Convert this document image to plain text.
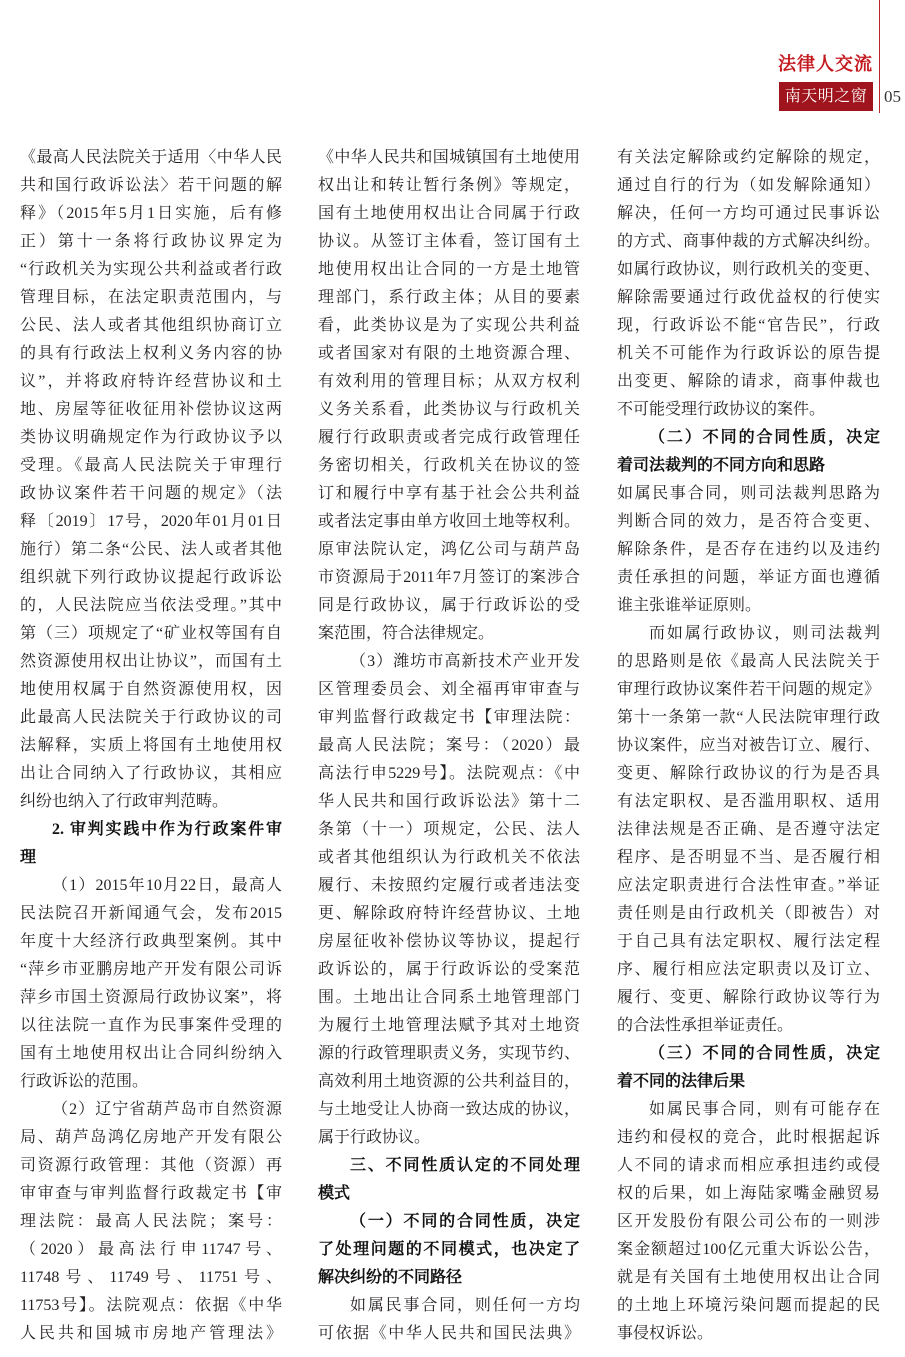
法律人交流
南天明之窗 05
《最高人民法院关于适用〈中华人民
共和国行政诉讼法〉若干问题的解
释》（2015年5月1日实施，后有修
正）第十一条将行政协议界定为
“行政机关为实现公共利益或者行政
管理目标，在法定职责范围内，与
公民、法人或者其他组织协商订立
的具有行政法上权利义务内容的协
议”，并将政府特许经营协议和土
地、房屋等征收征用补偿协议这两
类协议明确规定作为行政协议予以
受理。《最高人民法院关于审理行
政协议案件若干问题的规定》（法
释〔2019〕17号，2020年01月01日
施行）第二条“公民、法人或者其他
组织就下列行政协议提起行政诉讼
的，人民法院应当依法受理。”其中
第（三）项规定了“矿业权等国有自
然资源使用权出让协议”，而国有土
地使用权属于自然资源使用权，因
此最高人民法院关于行政协议的司
法解释，实质上将国有土地使用权
出让合同纳入了行政协议，其相应
纠纷也纳入了行政审判范畴。
2. 审判实践中作为行政案件审
理
（1）2015年10月22日，最高人
民法院召开新闻通气会，发布2015
年度十大经济行政典型案例。其中
“萍乡市亚鹏房地产开发有限公司诉
萍乡市国土资源局行政协议案”，将
以往法院一直作为民事案件受理的
国有土地使用权出让合同纠纷纳入
行政诉讼的范围。
（2）辽宁省葫芦岛市自然资源
局、葫芦岛鸿亿房地产开发有限公
司资源行政管理：其他（资源）再
审审查与审判监督行政裁定书【审
理法院：最高人民法院；案号：
（2020）最高法行申11747号、
11748号、11749号、11751号、
11753号】。法院观点：依据《中华
人民共和国城市房地产管理法》
《中华人民共和国城镇国有土地使用
权出让和转让暂行条例》等规定，
国有土地使用权出让合同属于行政
协议。从签订主体看，签订国有土
地使用权出让合同的一方是土地管
理部门，系行政主体；从目的要素
看，此类协议是为了实现公共利益
或者国家对有限的土地资源合理、
有效利用的管理目标；从双方权利
义务关系看，此类协议与行政机关
履行行政职责或者完成行政管理任
务密切相关，行政机关在协议的签
订和履行中享有基于社会公共利益
或者法定事由单方收回土地等权利。
原审法院认定，鸿亿公司与葫芦岛
市资源局于2011年7月签订的案涉合
同是行政协议，属于行政诉讼的受
案范围，符合法律规定。
（3）潍坊市高新技术产业开发
区管理委员会、刘全福再审审查与
审判监督行政裁定书【审理法院：
最高人民法院；案号：（2020）最
高法行申5229号】。法院观点：《中
华人民共和国行政诉讼法》第十二
条第（十一）项规定，公民、法人
或者其他组织认为行政机关不依法
履行、未按照约定履行或者违法变
更、解除政府特许经营协议、土地
房屋征收补偿协议等协议，提起行
政诉讼的，属于行政诉讼的受案范
围。土地出让合同系土地管理部门
为履行土地管理法赋予其对土地资
源的行政管理职责义务，实现节约、
高效利用土地资源的公共利益目的，
与土地受让人协商一致达成的协议，
属于行政协议。
三、不同性质认定的不同处理
模式
（一）不同的合同性质，决定
了处理问题的不同模式，也决定了
解决纠纷的不同路径
如属民事合同，则任何一方均
可依据《中华人民共和国民法典》
有关法定解除或约定解除的规定，
通过自行的行为（如发解除通知）
解决，任何一方均可通过民事诉讼
的方式、商事仲裁的方式解决纠纷。
如属行政协议，则行政机关的变更、
解除需要通过行政优益权的行使实
现，行政诉讼不能“官告民”，行政
机关不可能作为行政诉讼的原告提
出变更、解除的请求，商事仲裁也
不可能受理行政协议的案件。
（二）不同的合同性质，决定
着司法裁判的不同方向和思路
如属民事合同，则司法裁判思路为
判断合同的效力，是否符合变更、
解除条件，是否存在违约以及违约
责任承担的问题，举证方面也遵循
谁主张谁举证原则。
而如属行政协议，则司法裁判
的思路则是依《最高人民法院关于
审理行政协议案件若干问题的规定》
第十一条第一款“人民法院审理行政
协议案件，应当对被告订立、履行、
变更、解除行政协议的行为是否具
有法定职权、是否滥用职权、适用
法律法规是否正确、是否遵守法定
程序、是否明显不当、是否履行相
应法定职责进行合法性审查。”举证
责任则是由行政机关（即被告）对
于自己具有法定职权、履行法定程
序、履行相应法定职责以及订立、
履行、变更、解除行政协议等行为
的合法性承担举证责任。
（三）不同的合同性质，决定
着不同的法律后果
如属民事合同，则有可能存在
违约和侵权的竞合，此时根据起诉
人不同的请求而相应承担违约或侵
权的后果，如上海陆家嘴金融贸易
区开发股份有限公司公布的一则涉
案金额超过100亿元重大诉讼公告，
就是有关国有土地使用权出让合同
的土地上环境污染问题而提起的民
事侵权诉讼。
